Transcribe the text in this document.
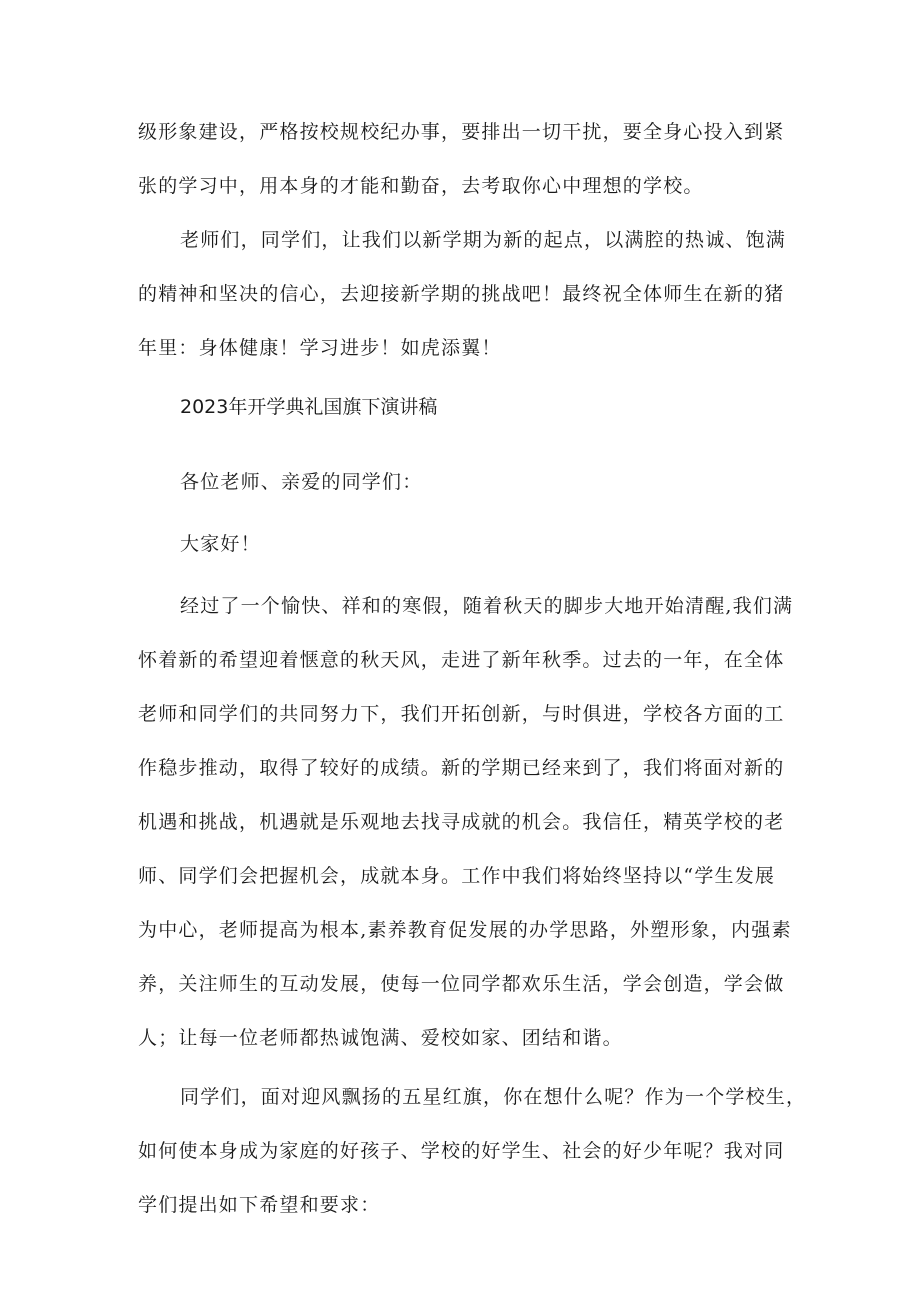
级形象建设，严格按校规校纪办事，要排出一切干扰，要全身心投入到紧
张的学习中，用本身的才能和勤奋，去考取你心中理想的学校。
老师们，同学们，让我们以新学期为新的起点，以满腔的热诚、饱满
的精神和坚决的信心，去迎接新学期的挑战吧！最终祝全体师生在新的猪
年里：身体健康！学习进步！如虎添翼！
2023年开学典礼国旗下演讲稿
各位老师、亲爱的同学们：
大家好！
经过了一个愉快、祥和的寒假，随着秋天的脚步大地开始清醒,我们满
怀着新的希望迎着惬意的秋天风，走进了新年秋季。过去的一年，在全体
老师和同学们的共同努力下，我们开拓创新，与时俱进，学校各方面的工
作稳步推动，取得了较好的成绩。新的学期已经来到了，我们将面对新的
机遇和挑战，机遇就是乐观地去找寻成就的机会。我信任，精英学校的老
师、同学们会把握机会，成就本身。工作中我们将始终坚持以“学生发展
为中心，老师提高为根本,素养教育促发展的办学思路，外塑形象，内强素
养，关注师生的互动发展，使每一位同学都欢乐生活，学会创造，学会做
人；让每一位老师都热诚饱满、爱校如家、团结和谐。
同学们，面对迎风飘扬的五星红旗，你在想什么呢？作为一个学校生，
如何使本身成为家庭的好孩子、学校的好学生、社会的好少年呢？我对同
学们提出如下希望和要求：
